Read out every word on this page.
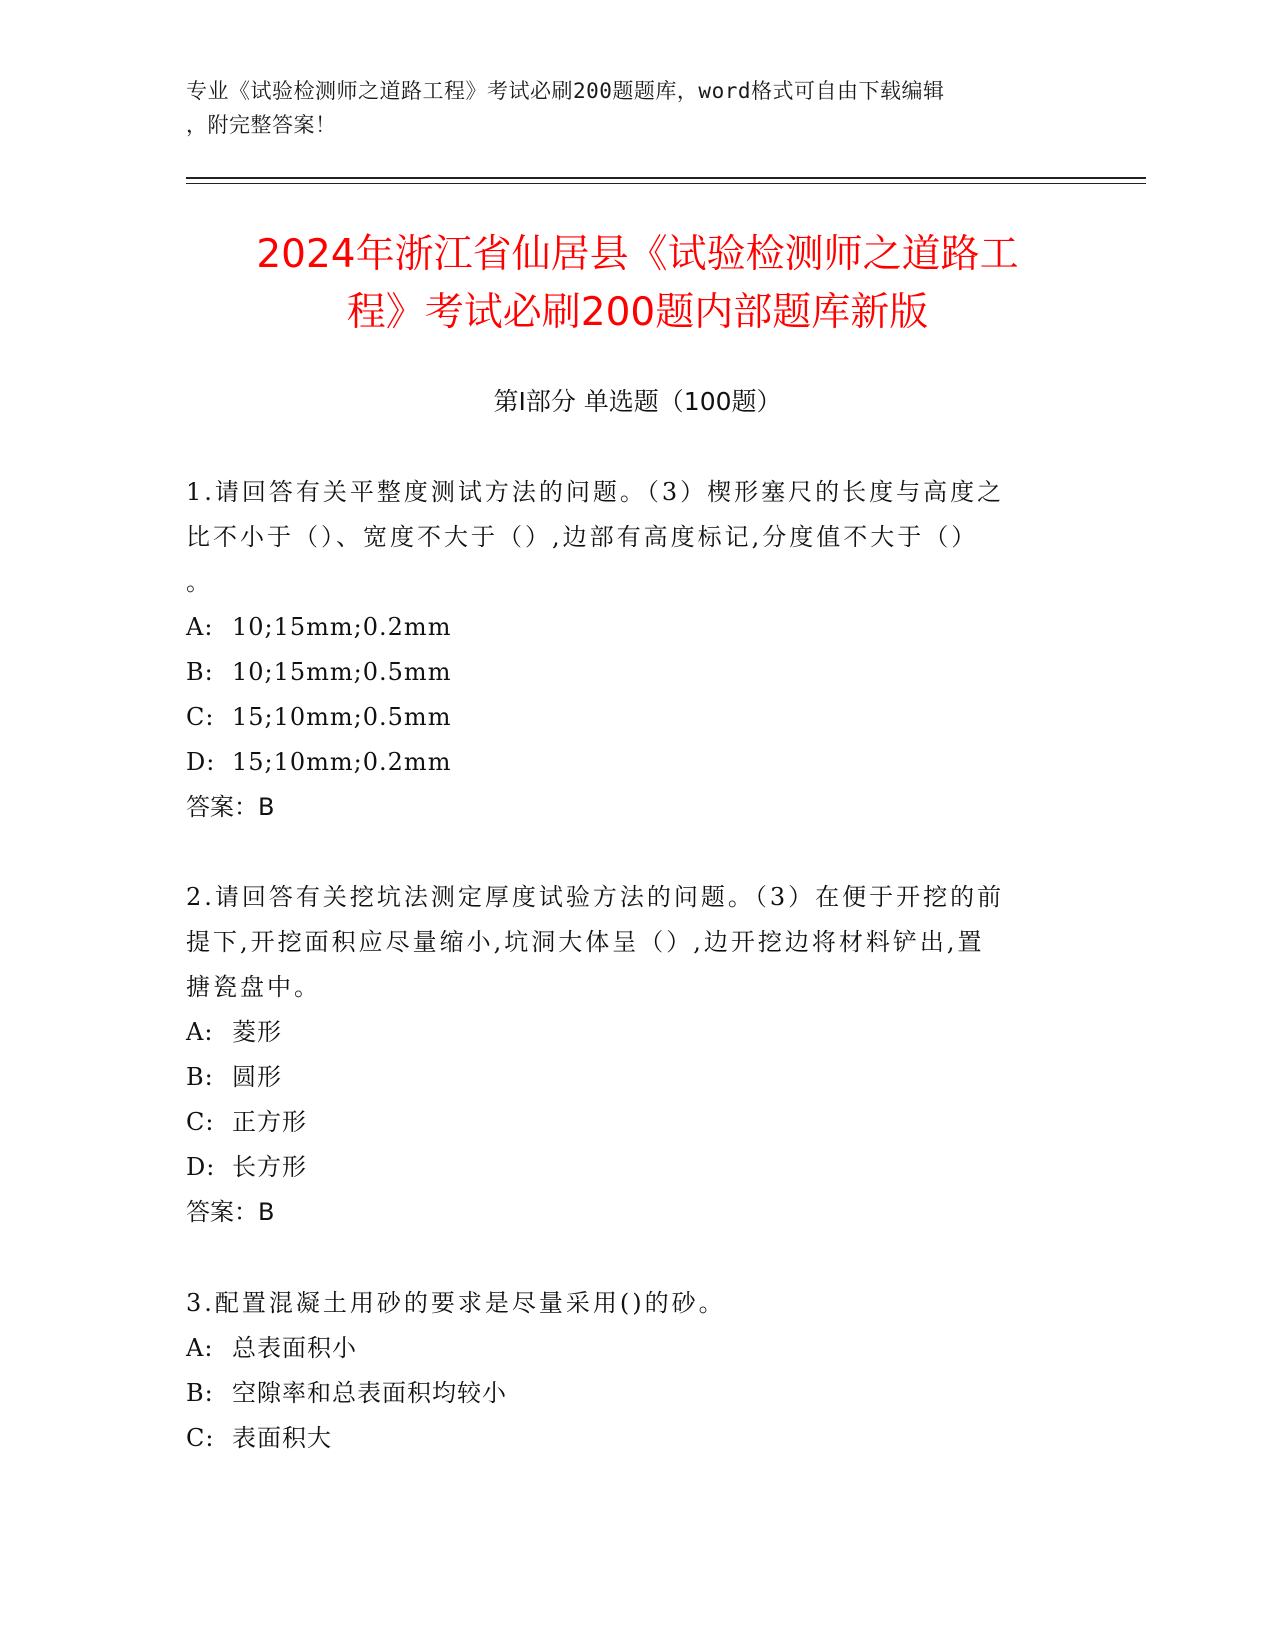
专业《试验检测师之道路工程》考试必刷200题题库，word格式可自由下载编辑
，附完整答案！
2024年浙江省仙居县《试验检测师之道路工
程》考试必刷200题内部题库新版
第Ⅰ部分 单选题（100题）

1.请回答有关平整度测试方法的问题。（3）楔形塞尺的长度与高度之

比不小于（）、宽度不大于（）,边部有高度标记,分度值不大于（）

。

A: 10;15mm;0.2mm

B: 10;15mm;0.5mm

C: 15;10mm;0.5mm

D: 15;10mm;0.2mm

答案：B

2.请回答有关挖坑法测定厚度试验方法的问题。（3）在便于开挖的前

提下,开挖面积应尽量缩小,坑洞大体呈（）,边开挖边将材料铲出,置

搪瓷盘中。

A: 菱形

B: 圆形

C: 正方形

D: 长方形

答案：B

3.配置混凝土用砂的要求是尽量采用()的砂。

A: 总表面积小

B: 空隙率和总表面积均较小

C: 表面积大
